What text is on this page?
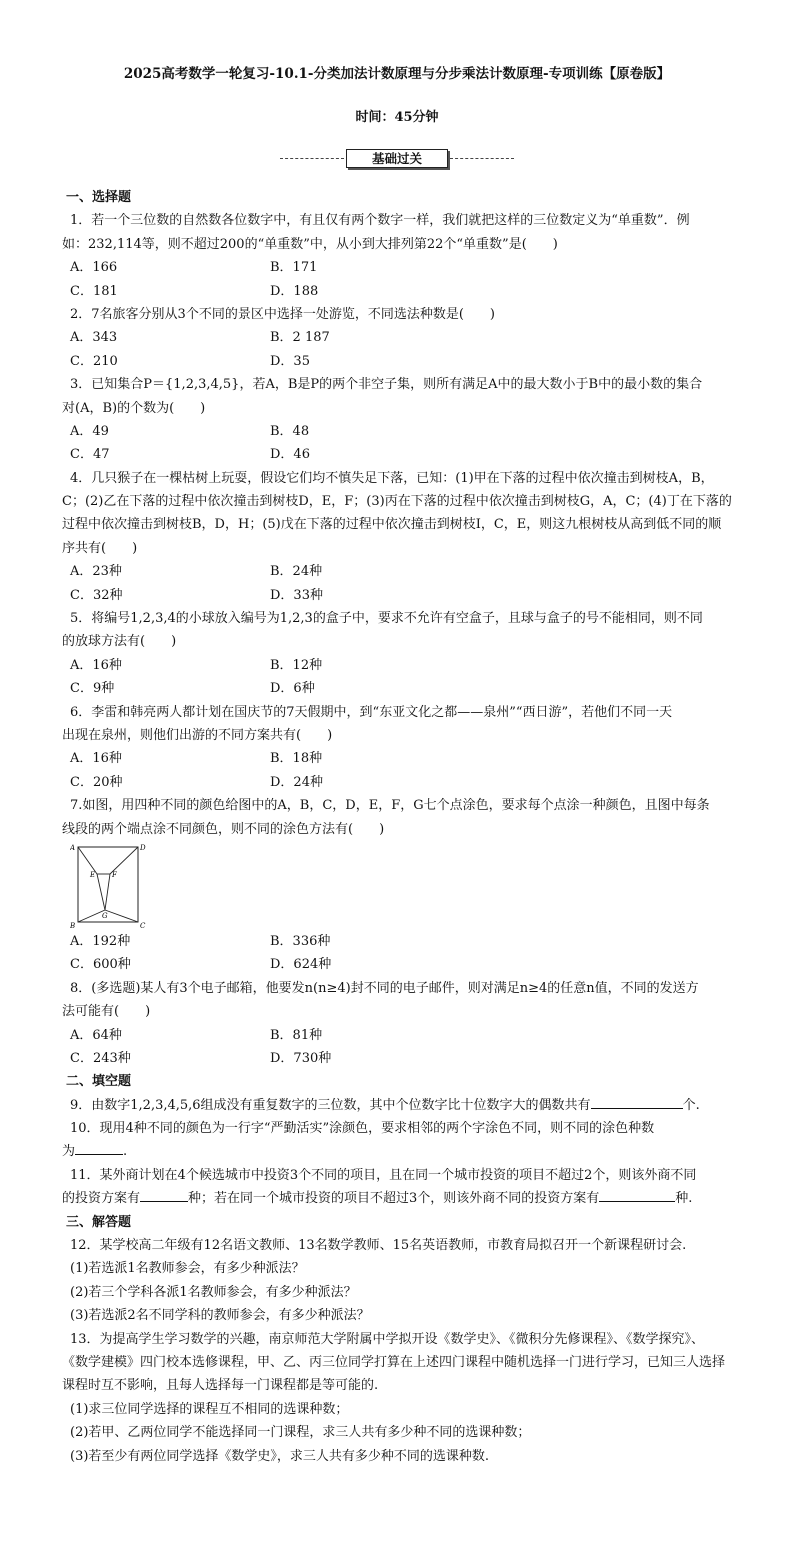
2025高考数学一轮复习-10.1-分类加法计数原理与分步乘法计数原理-专项训练【原卷版】
时间：45分钟
基础过关
一、选择题
1．若一个三位数的自然数各位数字中，有且仅有两个数字一样，我们就把这样的三位数定义为“单重数”．例
如：232,114等，则不超过200的“单重数”中，从小到大排列第22个“单重数”是(　　)
A．166	B．171
C．181	D．188
2．7名旅客分别从3个不同的景区中选择一处游览，不同选法种数是(　　)
A．343	B．2 187
C．210	D．35
3．已知集合P＝{1,2,3,4,5}，若A，B是P的两个非空子集，则所有满足A中的最大数小于B中的最小数的集合
对(A，B)的个数为(　　)
A．49	B．48
C．47	D．46
4．几只猴子在一棵枯树上玩耍，假设它们均不慎失足下落，已知：(1)甲在下落的过程中依次撞击到树枝A，B，
C；(2)乙在下落的过程中依次撞击到树枝D，E，F；(3)丙在下落的过程中依次撞击到树枝G，A，C；(4)丁在下落的
过程中依次撞击到树枝B，D，H；(5)戊在下落的过程中依次撞击到树枝I，C，E，则这九根树枝从高到低不同的顺
序共有(　　)
A．23种	B．24种
C．32种	D．33种
5．将编号1,2,3,4的小球放入编号为1,2,3的盒子中，要求不允许有空盒子，且球与盒子的号不能相同，则不同
的放球方法有(　　)
A．16种	B．12种
C．9种	D．6种
6．李雷和韩亮两人都计划在国庆节的7天假期中，到“东亚文化之都——泉州”“西日游”，若他们不同一天
出现在泉州，则他们出游的不同方案共有(　　)
A．16种	B．18种
C．20种	D．24种
7.如图，用四种不同的颜色给图中的A，B，C，D，E，F，G七个点涂色，要求每个点涂一种颜色，且图中每条
线段的两个端点涂不同颜色，则不同的涂色方法有(　　)
A	D
E F
G
B	C
A．192种	B．336种
C．600种	D．624种
8．(多选题)某人有3个电子邮箱，他要发n(n≥4)封不同的电子邮件，则对满足n≥4的任意n值，不同的发送方
法可能有(　　)
A．64种	B．81种
C．243种	D．730种
二、填空题
9．由数字1,2,3,4,5,6组成没有重复数字的三位数，其中个位数字比十位数字大的偶数共有	个.
10．现用4种不同的颜色为一行字“严勤活实”涂颜色，要求相邻的两个字涂色不同，则不同的涂色种数
为	.
11．某外商计划在4个候选城市中投资3个不同的项目，且在同一个城市投资的项目不超过2个，则该外商不同
的投资方案有	种；若在同一个城市投资的项目不超过3个，则该外商不同的投资方案有	种.
三、解答题
12．某学校高二年级有12名语文教师、13名数学教师、15名英语教师，市教育局拟召开一个新课程研讨会.
(1)若选派1名教师参会，有多少种派法？
(2)若三个学科各派1名教师参会，有多少种派法？
(3)若选派2名不同学科的教师参会，有多少种派法？
13．为提高学生学习数学的兴趣，南京师范大学附属中学拟开设《数学史》、《微积分先修课程》、《数学探究》、
《数学建模》四门校本选修课程，甲、乙、丙三位同学打算在上述四门课程中随机选择一门进行学习，已知三人选择
课程时互不影响，且每人选择每一门课程都是等可能的.
(1)求三位同学选择的课程互不相同的选课种数；
(2)若甲、乙两位同学不能选择同一门课程，求三人共有多少种不同的选课种数；
(3)若至少有两位同学选择《数学史》，求三人共有多少种不同的选课种数.
